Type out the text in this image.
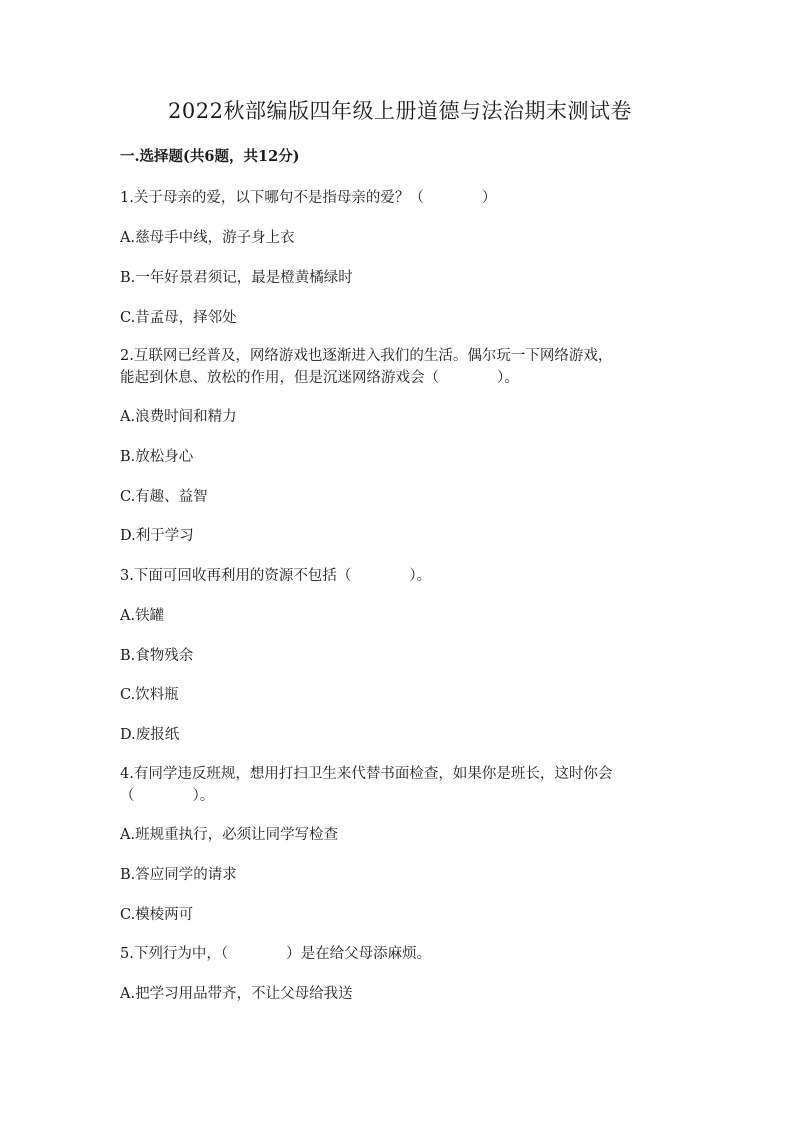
2022秋部编版四年级上册道德与法治期末测试卷
一.选择题(共6题，共12分)
1.关于母亲的爱，以下哪句不是指母亲的爱？（　　　　）
A.慈母手中线，游子身上衣
B.一年好景君须记，最是橙黄橘绿时
C.昔孟母，择邻处
2.互联网已经普及，网络游戏也逐渐进入我们的生活。偶尔玩一下网络游戏，
能起到休息、放松的作用，但是沉迷网络游戏会（　　　　）。
A.浪费时间和精力
B.放松身心
C.有趣、益智
D.利于学习
3.下面可回收再利用的资源不包括（　　　　）。
A.铁罐
B.食物残余
C.饮料瓶
D.废报纸
4.有同学违反班规，想用打扫卫生来代替书面检查，如果你是班长，这时你会
（　　　　）。
A.班规重执行，必须让同学写检查
B.答应同学的请求
C.模棱两可
5.下列行为中，（　　　　）是在给父母添麻烦。
A.把学习用品带齐，不让父母给我送
